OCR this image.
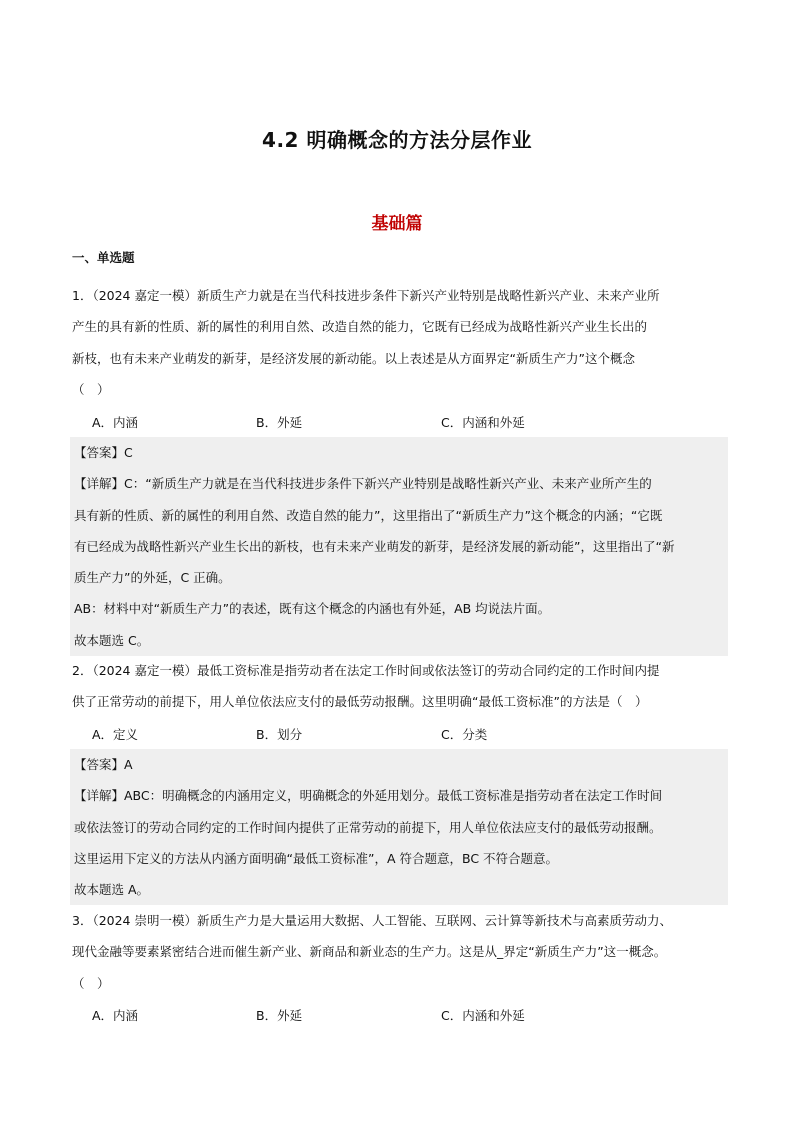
4.2 明确概念的方法分层作业
基础篇
一、单选题
1．（2024 嘉定一模）新质生产力就是在当代科技进步条件下新兴产业特别是战略性新兴产业、未来产业所
产生的具有新的性质、新的属性的利用自然、改造自然的能力，它既有已经成为战略性新兴产业生长出的
新枝，也有未来产业萌发的新芽，是经济发展的新动能。以上表述是从方面界定“新质生产力”这个概念
（　）
A．内涵	B．外延	C．内涵和外延
【答案】C
【详解】C：“新质生产力就是在当代科技进步条件下新兴产业特别是战略性新兴产业、未来产业所产生的
具有新的性质、新的属性的利用自然、改造自然的能力”，这里指出了“新质生产力”这个概念的内涵；“它既
有已经成为战略性新兴产业生长出的新枝，也有未来产业萌发的新芽，是经济发展的新动能”，这里指出了“新
质生产力”的外延，C 正确。
AB：材料中对“新质生产力”的表述，既有这个概念的内涵也有外延，AB 均说法片面。
故本题选 C。
2．（2024 嘉定一模）最低工资标准是指劳动者在法定工作时间或依法签订的劳动合同约定的工作时间内提
供了正常劳动的前提下，用人单位依法应支付的最低劳动报酬。这里明确“最低工资标准”的方法是（　）
A．定义	B．划分	C．分类
【答案】A
【详解】ABC：明确概念的内涵用定义，明确概念的外延用划分。最低工资标准是指劳动者在法定工作时间
或依法签订的劳动合同约定的工作时间内提供了正常劳动的前提下，用人单位依法应支付的最低劳动报酬。
这里运用下定义的方法从内涵方面明确“最低工资标准”，A 符合题意，BC 不符合题意。
故本题选 A。
3．（2024 崇明一模）新质生产力是大量运用大数据、人工智能、互联网、云计算等新技术与高素质劳动力、
现代金融等要素紧密结合进而催生新产业、新商品和新业态的生产力。这是从_界定“新质生产力”这一概念。
（　）
A．内涵	B．外延	C．内涵和外延
